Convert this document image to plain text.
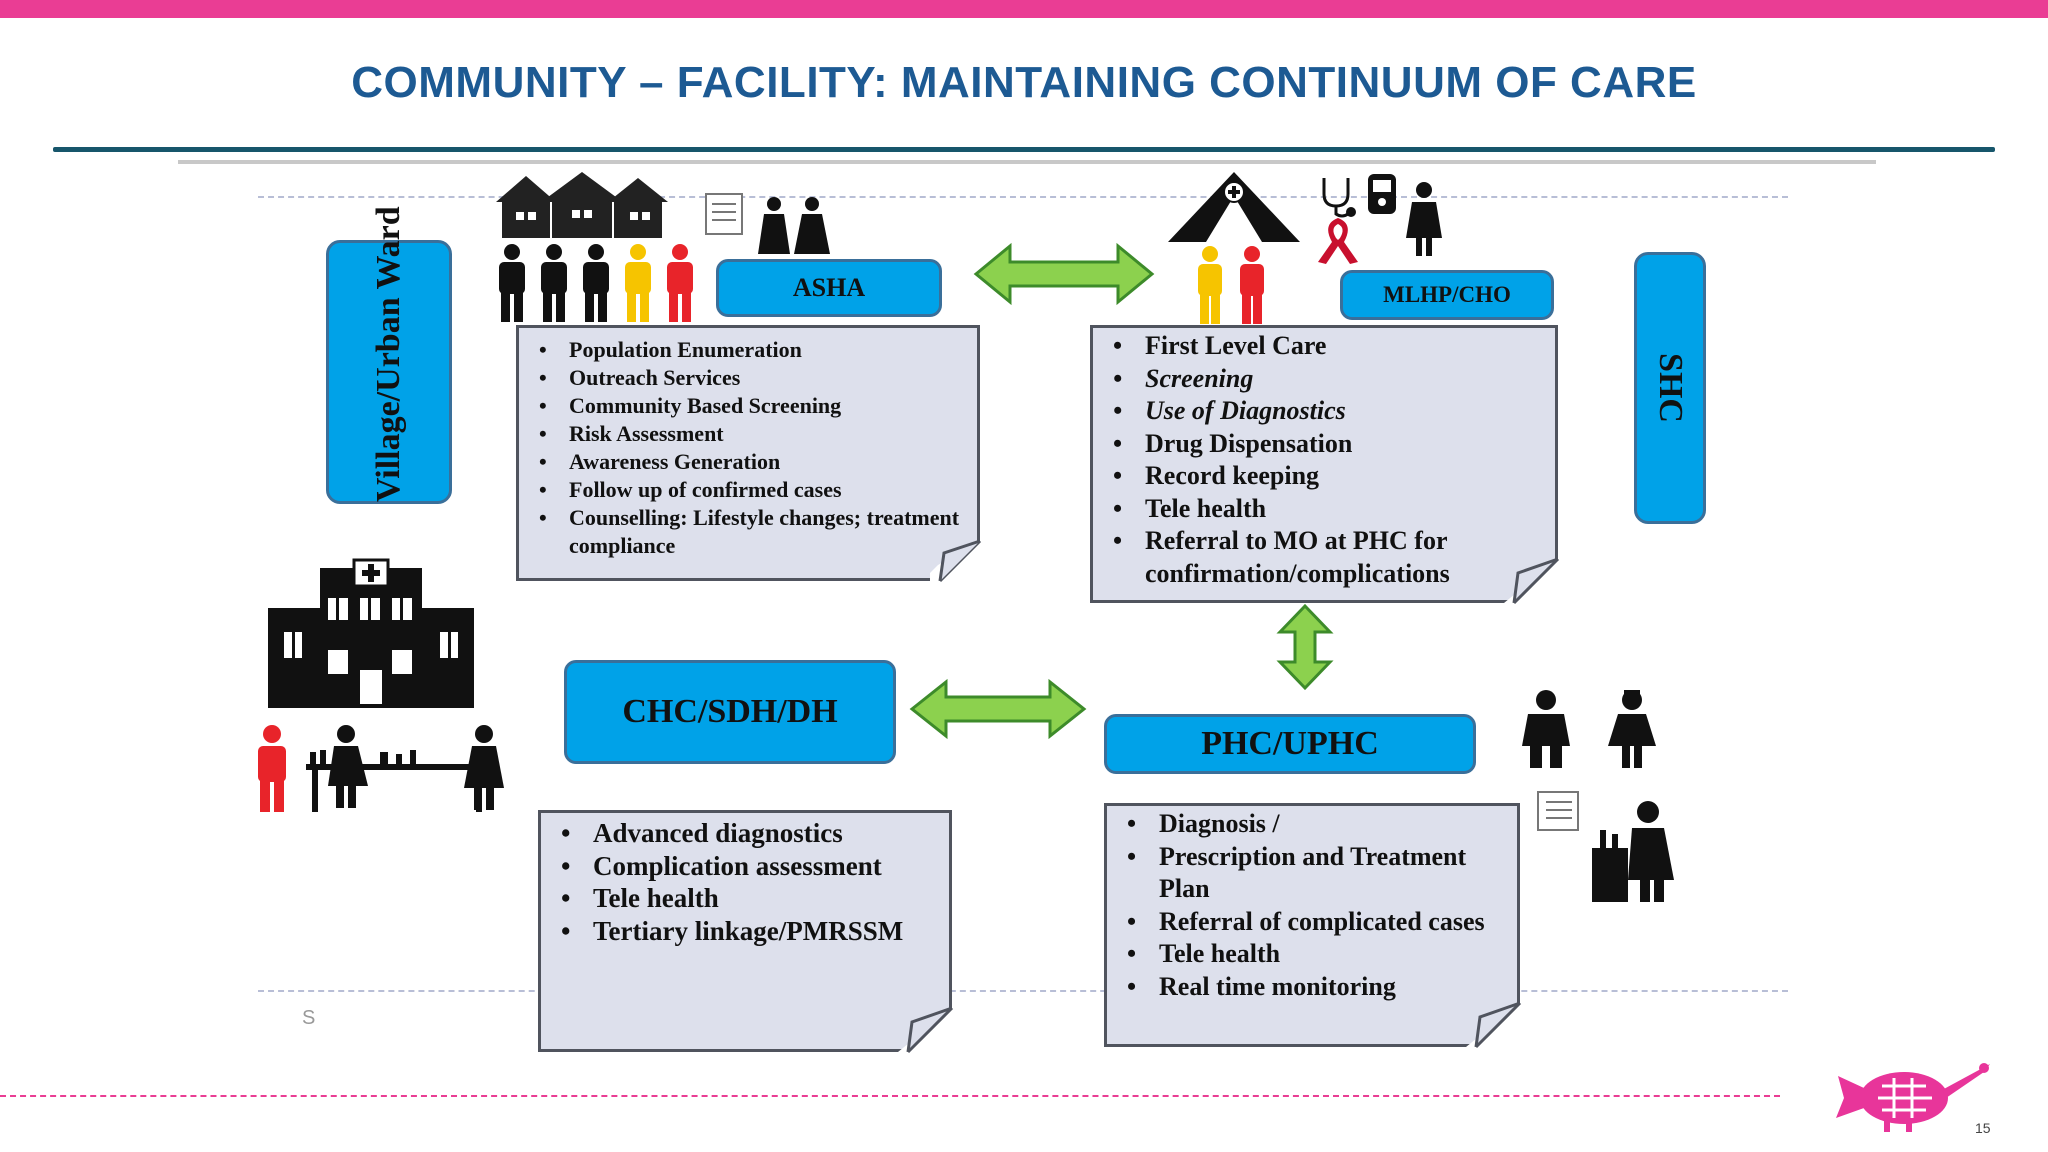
COMMUNITY – FACILITY: MAINTAINING CONTINUUM OF CARE
Village/Urban Ward	SHC
ASHA	MLHP/CHO
CHC/SDH/DH
PHC/UPHC
• Population Enumeration
• Outreach Services
• Community Based Screening
• Risk Assessment
• Awareness Generation
• Follow up of confirmed cases
• Counselling: Lifestyle changes; treatment compliance
• First Level Care
• Screening
• Use of Diagnostics
• Drug Dispensation
• Record keeping
• Tele health
• Referral to MO at PHC for confirmation/complications
• Advanced diagnostics
• Complication assessment
• Tele health
• Tertiary linkage/PMRSSM
• Diagnosis /
• Prescription and Treatment Plan
• Referral of complicated cases
• Tele health
• Real time monitoring
S
15
